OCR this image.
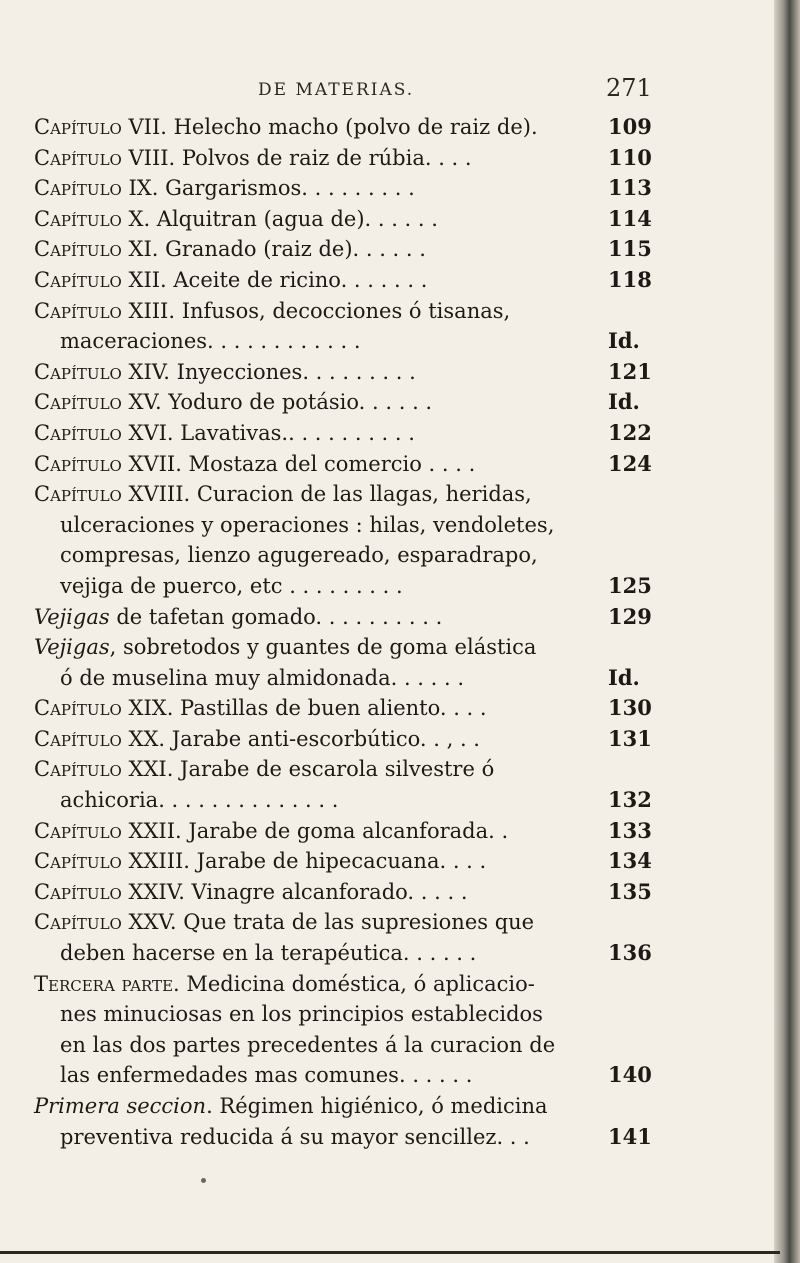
DE MATERIAS.	271
Capítulo VII. Helecho macho (polvo de raiz de).	109
Capítulo VIII. Polvos de raiz de rúbia. . . .	110
Capítulo IX. Gargarismos. . . . . . . . .	113
Capítulo X. Alquitran (agua de). . . . . .	114
Capítulo XI. Granado (raiz de). . . . . .	115
Capítulo XII. Aceite de ricino. . . . . . .	118
Capítulo XIII. Infusos, decocciones ó tisanas,
maceraciones. . . . . . . . . . . .	Id.
Capítulo XIV. Inyecciones. . . . . . . . .	121
Capítulo XV. Yoduro de potásio. . . . . .	Id.
Capítulo XVI. Lavativas.. . . . . . . . . .	122
Capítulo XVII. Mostaza del comercio . . . .	124
Capítulo XVIII. Curacion de las llagas, heridas,
ulceraciones y operaciones : hilas, vendoletes,
compresas, lienzo agugereado, esparadrapo,
vejiga de puerco, etc . . . . . . . . .	125
Vejigas de tafetan gomado. . . . . . . . . .	129
Vejigas, sobretodos y guantes de goma elástica
ó de muselina muy almidonada. . . . . .	Id.
Capítulo XIX. Pastillas de buen aliento. . . .	130
Capítulo XX. Jarabe anti-escorbútico. . , . .	131
Capítulo XXI. Jarabe de escarola silvestre ó
achicoria. . . . . . . . . . . . . .	132
Capítulo XXII. Jarabe de goma alcanforada. .	133
Capítulo XXIII. Jarabe de hipecacuana. . . .	134
Capítulo XXIV. Vinagre alcanforado. . . . .	135
Capítulo XXV. Que trata de las supresiones que
deben hacerse en la terapéutica. . . . . .	136
Tercera parte. Medicina doméstica, ó aplicacio-
nes minuciosas en los principios establecidos
en las dos partes precedentes á la curacion de
las enfermedades mas comunes. . . . . .	140
Primera seccion. Régimen higiénico, ó medicina
preventiva reducida á su mayor sencillez. . .	141
